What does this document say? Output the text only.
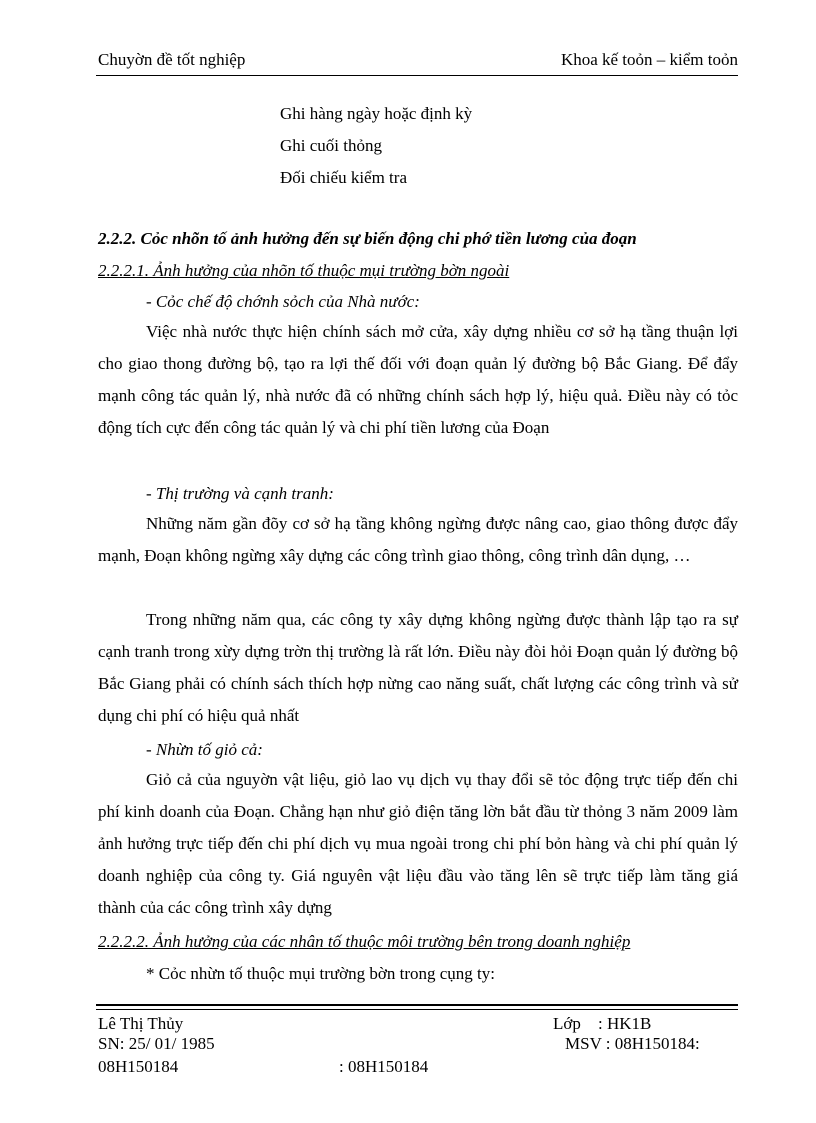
Chuyờn đề tốt nghiệp	Khoa kế toỏn – kiểm toỏn
Ghi hàng ngày hoặc định kỳ
Ghi cuối thỏng
Đối chiếu kiểm tra
2.2.2. Cỏc nhõn tố ảnh hưởng đến sự biến động chi phớ tiền lương của đoạn
2.2.2.1. Ảnh hưởng của nhõn tố thuộc mụi trường bờn ngoài
- Cỏc chế độ chớnh sỏch của Nhà nước:
Việc nhà nước thực hiện chính sách mở cửa, xây dựng nhiều cơ sở hạ tầng thuận lợi cho giao thong đường bộ, tạo ra lợi thế đối với đoạn quản lý đường bộ Bắc Giang. Để đẩy mạnh công tác quản lý, nhà nước đã có những chính sách hợp lý, hiệu quả. Điều này có tỏc động tích cực đến công tác quản lý và chi phí tiền lương của Đoạn
- Thị trường và cạnh tranh:
Những năm gần đõy cơ sở hạ tầng không ngừng được nâng cao, giao thông được đẩy mạnh, Đoạn không ngừng xây dựng các công trình giao thông, công trình dân dụng, …
Trong những năm qua, các công ty xây dựng không ngừng được thành lập tạo ra sự cạnh tranh trong xừy dựng trờn thị trường là rất lớn. Điều này đòi hỏi Đoạn quản lý đường bộ Bắc Giang phải có chính sách thích hợp nừng cao năng suất, chất lượng các công trình và sử dụng chi phí có hiệu quả nhất
- Nhừn tố giỏ cả:
Giỏ cả của nguyờn vật liệu, giỏ lao vụ dịch vụ thay đổi sẽ tỏc động trực tiếp đến chi phí kinh doanh của Đoạn. Chẳng hạn như giỏ điện tăng lờn bắt đầu từ thỏng 3 năm 2009 làm ảnh hưởng trực tiếp đến chi phí dịch vụ mua ngoài trong chi phí bỏn hàng và chi phí quản lý doanh nghiệp của công ty. Giá nguyên vật liệu đầu vào tăng lên sẽ trực tiếp làm tăng giá thành của các công trình xây dựng
2.2.2.2. Ảnh hưởng của các nhân tố thuộc môi trường bên trong doanh nghiệp
* Cỏc nhừn tố thuộc mụi trường bờn trong cụng ty:
Lê Thị Thủy	Lớp : HK1B
SN: 25/ 01/ 1985	MSV : 08H150184:
08H150184	: 08H150184
